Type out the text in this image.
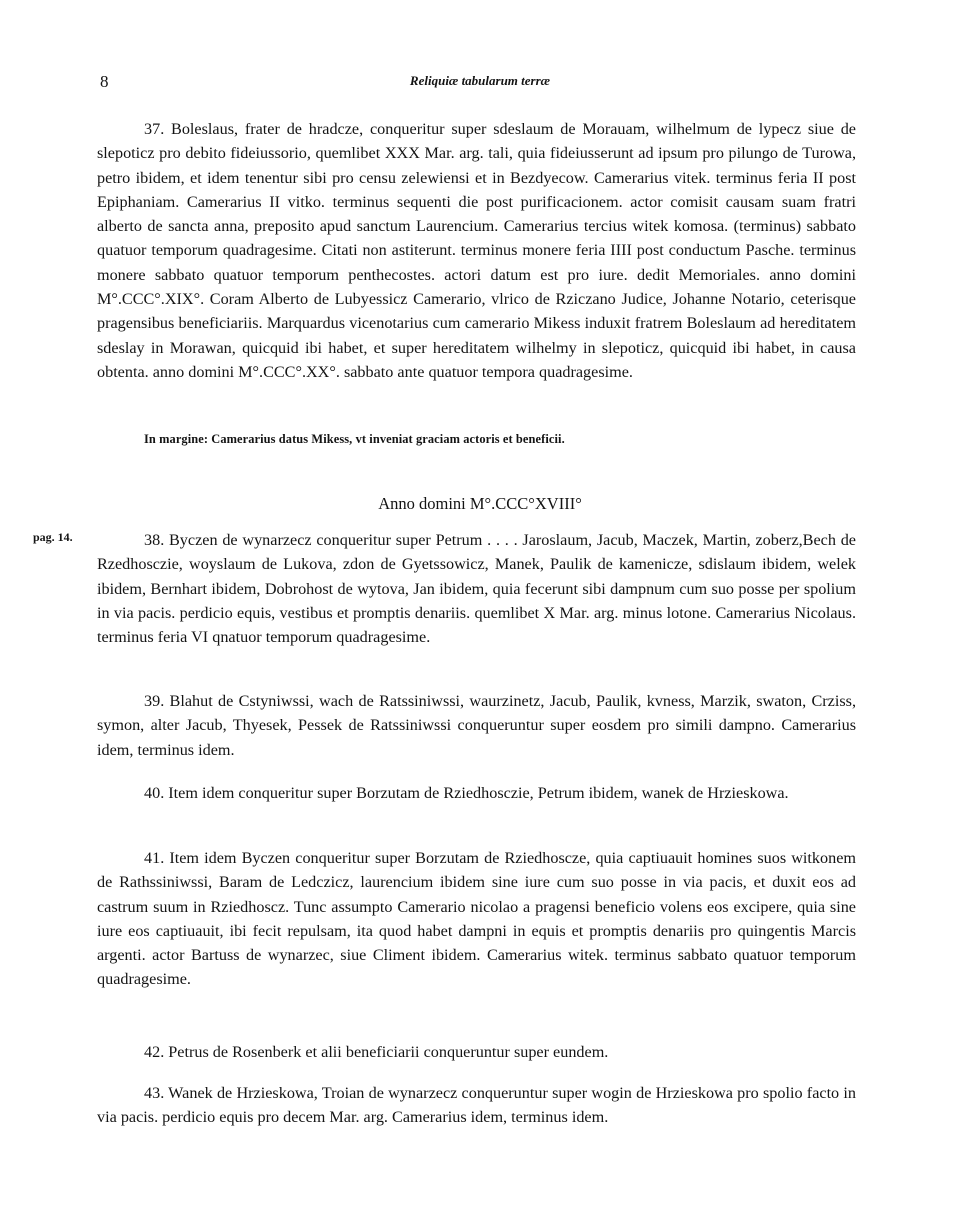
8	Reliquiæ tabularum terræ

37. Boleslaus, frater de hradcze, conqueritur super sdeslaum de Morauam, wilhelmum de lypecz siue de slepoticz pro debito fideiussorio, quemlibet XXX Mar. arg. tali, quia fideiusserunt ad ipsum pro pilungo de Turowa, petro ibidem, et idem tenentur sibi pro censu zelewiensi et in Bezdyecow. Camerarius vitek. terminus feria II post Epiphaniam. Camerarius II vitko. terminus sequenti die post purificacionem. actor comisit causam suam fratri alberto de sancta anna, preposito apud sanctum Laurencium. Camerarius tercius witek komosa. (terminus) sabbato quatuor temporum quadragesime. Citati non astiterunt. terminus monere feria IIII post conductum Pasche. terminus monere sabbato quatuor temporum penthecostes. actori datum est pro iure. dedit Memoriales. anno domini M°.CCC°.XIX°. Coram Alberto de Lubyessicz Camerario, vlrico de Rziczano Judice, Johanne Notario, ceterisque pragensibus beneficiariis. Marquardus vicenotarius cum camerario Mikess induxit fratrem Boleslaum ad hereditatem sdeslay in Morawan, quicquid ibi habet, et super hereditatem wilhelmy in slepoticz, quicquid ibi habet, in causa obtenta. anno domini M°.CCC°.XX°. sabbato ante quatuor tempora quadragesime.

In margine: Camerarius datus Mikess, vt inveniat graciam actoris et beneficii.
Anno domini M°.CCC°XVIII°
pag. 14.	38. Byczen de wynarzecz conqueritur super Petrum . . . . Jaroslaum, Jacub, Maczek, Martin, zoberz,Bech de Rzedhosczie, woyslaum de Lukova, zdon de Gyetssowicz, Manek, Paulik de kamenicze, sdislaum ibidem, welek ibidem, Bernhart ibidem, Dobrohost de wytova, Jan ibidem, quia fecerunt sibi dampnum cum suo posse per spolium in via pacis. perdicio equis, vestibus et promptis denariis. quemlibet X Mar. arg. minus lotone. Camerarius Nicolaus. terminus feria VI qnatuor temporum quadragesime.

39. Blahut de Cstyniwssi, wach de Ratssiniwssi, waurzinetz, Jacub, Paulik, kvness, Marzik, swaton, Crziss, symon, alter Jacub, Thyesek, Pessek de Ratssiniwssi conqueruntur super eosdem pro simili dampno. Camerarius idem, terminus idem.

40. Item idem conqueritur super Borzutam de Rziedhosczie, Petrum ibidem, wanek de Hrzieskowa.

41. Item idem Byczen conqueritur super Borzutam de Rziedhoscze, quia captiuauit homines suos witkonem de Rathssiniwssi, Baram de Ledczicz, laurencium ibidem sine iure cum suo posse in via pacis, et duxit eos ad castrum suum in Rziedhoscz. Tunc assumpto Camerario nicolao a pragensi beneficio volens eos excipere, quia sine iure eos captiuauit, ibi fecit repulsam, ita quod habet dampni in equis et promptis denariis pro quingentis Marcis argenti. actor Bartuss de wynarzec, siue Climent ibidem. Camerarius witek. terminus sabbato quatuor temporum quadragesime.

42. Petrus de Rosenberk et alii beneficiarii conqueruntur super eundem.

43. Wanek de Hrzieskowa, Troian de wynarzecz conqueruntur super wogin de Hrzieskowa pro spolio facto in via pacis. perdicio equis pro decem Mar. arg. Camerarius idem, terminus idem.
